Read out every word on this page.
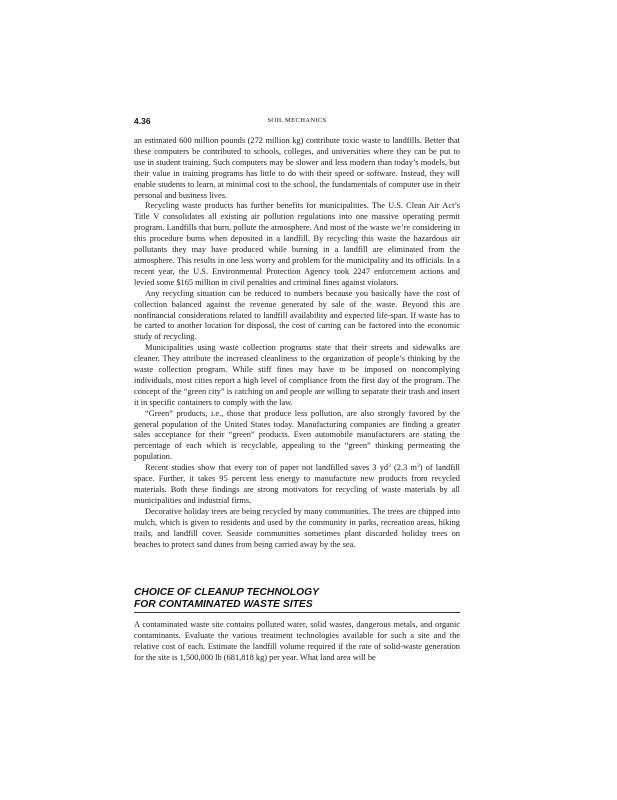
4.36	SOIL MECHANICS

an estimated 600 million pounds (272 million kg) contribute toxic waste to landfills. Better that these computers be contributed to schools, colleges, and universities where they can be put to use in student training. Such computers may be slower and less modern than today’s models, but their value in training programs has little to do with their speed or software. Instead, they will enable students to learn, at minimal cost to the school, the fundamentals of computer use in their personal and business lives.

Recycling waste products has further benefits for municipalities. The U.S. Clean Air Act’s Title V consolidates all existing air pollution regulations into one massive operating permit program. Landfills that burn, pollute the atmosphere. And most of the waste we’re considering in this procedure burns when deposited in a landfill. By recycling this waste the hazardous air pollutants they may have produced while burning in a landfill are eliminated from the atmosphere. This results in one less worry and problem for the municipality and its officials. In a recent year, the U.S. Environmental Protection Agency took 2247 enforcement actions and levied some $165 million in civil penalties and criminal fines against violators.

Any recycling situation can be reduced to numbers because you basically have the cost of collection balanced against the revenue generated by sale of the waste. Beyond this are nonfinancial considerations related to landfill availability and expected life-span. If waste has to be carted to another location for disposal, the cost of carting can be factored into the economic study of recycling.

Municipalities using waste collection programs state that their streets and sidewalks are cleaner. They attribute the increased cleanliness to the organization of people’s thinking by the waste collection program. While stiff fines may have to be imposed on noncomplying individuals, most cities report a high level of compliance from the first day of the program. The concept of the “green city” is catching on and people are willing to separate their trash and insert it in specific containers to comply with the law.

“Green” products, i.e., those that produce less pollution, are also strongly favored by the general population of the United States today. Manufacturing companies are finding a greater sales acceptance for their “green” products. Even automobile manufacturers are stating the percentage of each which is recyclable, appealing to the “green” thinking permeating the population.

Recent studies show that every ton of paper not landfilled saves 3 $yd^3$ (2.3 $m^3$) of landfill space. Further, it takes 95 percent less energy to manufacture new products from recycled materials. Both these findings are strong motivators for recycling of waste materials by all municipalities and industrial firms.

Decorative holiday trees are being recycled by many communities. The trees are chipped into mulch, which is given to residents and used by the community in parks, recreation areas, hiking trails, and landfill cover. Seaside communities sometimes plant discarded holiday trees on beaches to protect sand dunes from being carried away by the sea.

CHOICE OF CLEANUP TECHNOLOGY
FOR CONTAMINATED WASTE SITES

A contaminated waste site contains polluted water, solid wastes, dangerous metals, and organic contaminants. Evaluate the various treatment technologies available for such a site and the relative cost of each. Estimate the landfill volume required if the rate of solid-waste generation for the site is 1,500,000 lb (681,818 kg) per year. What land area will be
